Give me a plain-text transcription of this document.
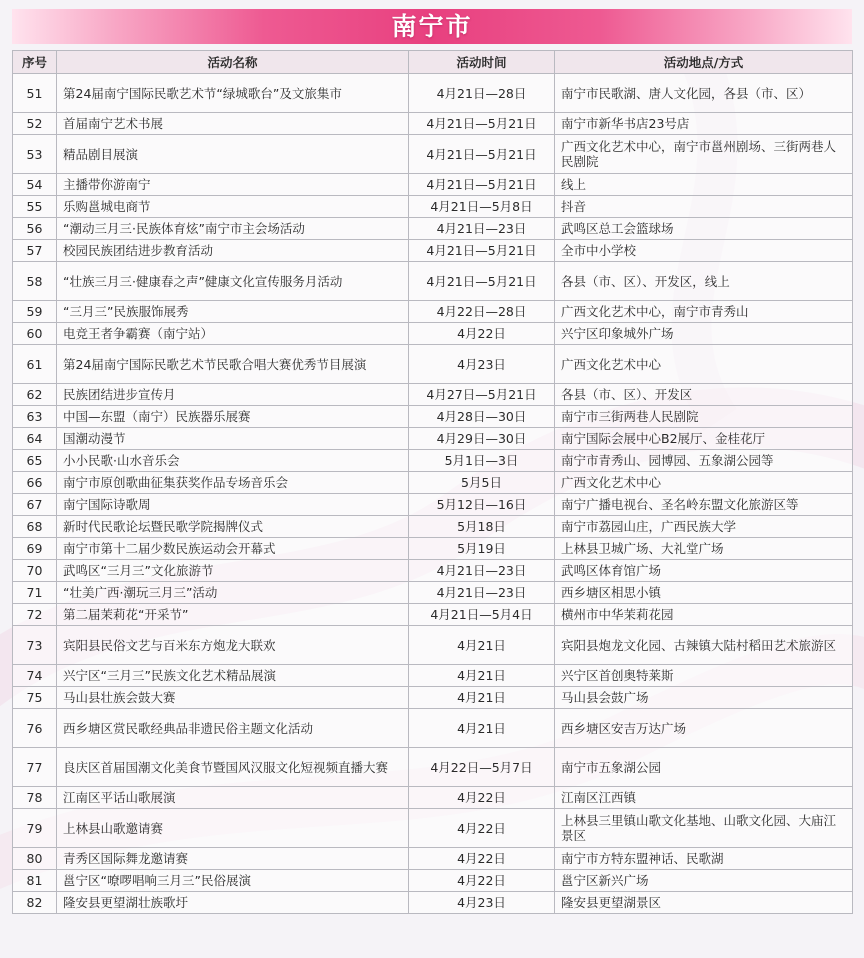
南宁市
序号	活动名称	活动时间	活动地点/方式
51	第24届南宁国际民歌艺术节“绿城歌台”及文旅集市	4月21日—28日	南宁市民歌湖、唐人文化园，各县（市、区）
52	首届南宁艺术书展	4月21日—5月21日	南宁市新华书店23号店
53	精品剧目展演	4月21日—5月21日	广西文化艺术中心，南宁市邕州剧场、三街两巷人民剧院
54	主播带你游南宁	4月21日—5月21日	线上
55	乐购邕城电商节	4月21日—5月8日	抖音
56	“潮动三月三·民族体育炫”南宁市主会场活动	4月21日—23日	武鸣区总工会篮球场
57	校园民族团结进步教育活动	4月21日—5月21日	全市中小学校
58	“壮族三月三·健康春之声”健康文化宣传服务月活动	4月21日—5月21日	各县（市、区）、开发区，线上
59	“三月三”民族服饰展秀	4月22日—28日	广西文化艺术中心，南宁市青秀山
60	电竞王者争霸赛（南宁站）	4月22日	兴宁区印象城外广场
61	第24届南宁国际民歌艺术节民歌合唱大赛优秀节目展演	4月23日	广西文化艺术中心
62	民族团结进步宣传月	4月27日—5月21日	各县（市、区）、开发区
63	中国—东盟（南宁）民族器乐展赛	4月28日—30日	南宁市三街两巷人民剧院
64	国潮动漫节	4月29日—30日	南宁国际会展中心B2展厅、金桂花厅
65	小小民歌·山水音乐会	5月1日—3日	南宁市青秀山、园博园、五象湖公园等
66	南宁市原创歌曲征集获奖作品专场音乐会	5月5日	广西文化艺术中心
67	南宁国际诗歌周	5月12日—16日	南宁广播电视台、圣名岭东盟文化旅游区等
68	新时代民歌论坛暨民歌学院揭牌仪式	5月18日	南宁市荔园山庄，广西民族大学
69	南宁市第十二届少数民族运动会开幕式	5月19日	上林县卫城广场、大礼堂广场
70	武鸣区“三月三”文化旅游节	4月21日—23日	武鸣区体育馆广场
71	“壮美广西·潮玩三月三”活动	4月21日—23日	西乡塘区相思小镇
72	第二届茉莉花“开采节”	4月21日—5月4日	横州市中华茉莉花园
73	宾阳县民俗文艺与百米东方炮龙大联欢	4月21日	宾阳县炮龙文化园、古辣镇大陆村稻田艺术旅游区
74	兴宁区“三月三”民族文化艺术精品展演	4月21日	兴宁区首创奥特莱斯
75	马山县壮族会鼓大赛	4月21日	马山县会鼓广场
76	西乡塘区赏民歌经典品非遗民俗主题文化活动	4月21日	西乡塘区安吉万达广场
77	良庆区首届国潮文化美食节暨国风汉服文化短视频直播大赛	4月22日—5月7日	南宁市五象湖公园
78	江南区平话山歌展演	4月22日	江南区江西镇
79	上林县山歌邀请赛	4月22日	上林县三里镇山歌文化基地、山歌文化园、大庙江景区
80	青秀区国际舞龙邀请赛	4月22日	南宁市方特东盟神话、民歌湖
81	邕宁区“嘹啰唱响三月三”民俗展演	4月22日	邕宁区新兴广场
82	隆安县更望湖壮族歌圩	4月23日	隆安县更望湖景区
